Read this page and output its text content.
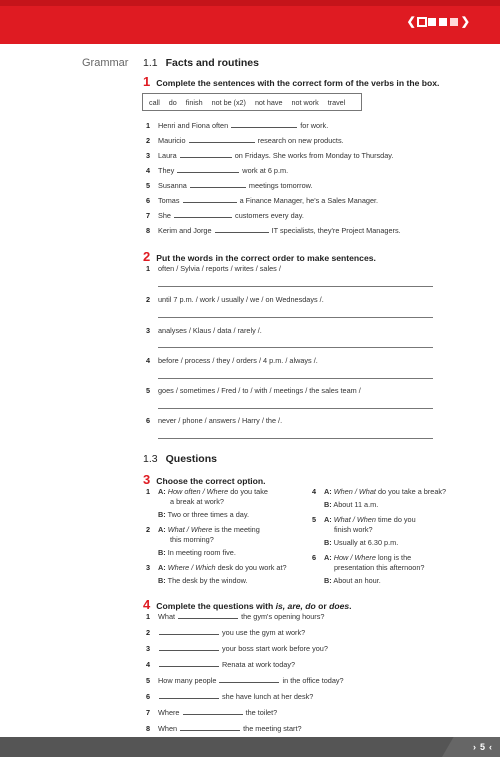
❮	❯
Grammar 1.1 Facts and routines
1 Complete the sentences with the correct form of the verbs in the box.
call do finish not be (x2) not have not work travel
1 Henri and Fiona often	for work.
2 Mauricio	research on new products.
3 Laura	on Fridays. She works from Monday to Thursday.
4 They	work at 6 p.m.
5 Susanna	meetings tomorrow.
6 Tomas	a Finance Manager, he's a Sales Manager.
7 She	customers every day.
8 Kerim and Jorge	IT specialists, they're Project Managers.
2 Put the words in the correct order to make sentences.
1 often / Sylvia / reports / writes / sales /
2 until 7 p.m. / work / usually / we / on Wednesdays /.
3 analyses / Klaus / data / rarely /.
4 before / process / they / orders / 4 p.m. / always /.
5 goes / sometimes / Fred / to / with / meetings / the sales team /
6 never / phone / answers / Harry / the /.
1.3 Questions
3 Choose the correct option.
1 A: How often / Where do you take
a break at work?
B: Two or three times a day.
2 A: What / Where is the meeting
this morning?
B: In meeting room five.
3 A: Where / Which desk do you work at?
B: The desk by the window.
4 A: When / What do you take a break?
B: About 11 a.m.
5 A: What / When time do you
finish work?
B: Usually at 6.30 p.m.
6 A: How / Where long is the
presentation this afternoon?
B: About an hour.
4 Complete the questions with is, are, do or does.
1 What	the gym's opening hours?
2	you use the gym at work?
3	your boss start work before you?
4	Renata at work today?
5 How many people	in the office today?
6	she have lunch at her desk?
7 Where	the toilet?
8 When	the meeting start?
› 5 ‹
